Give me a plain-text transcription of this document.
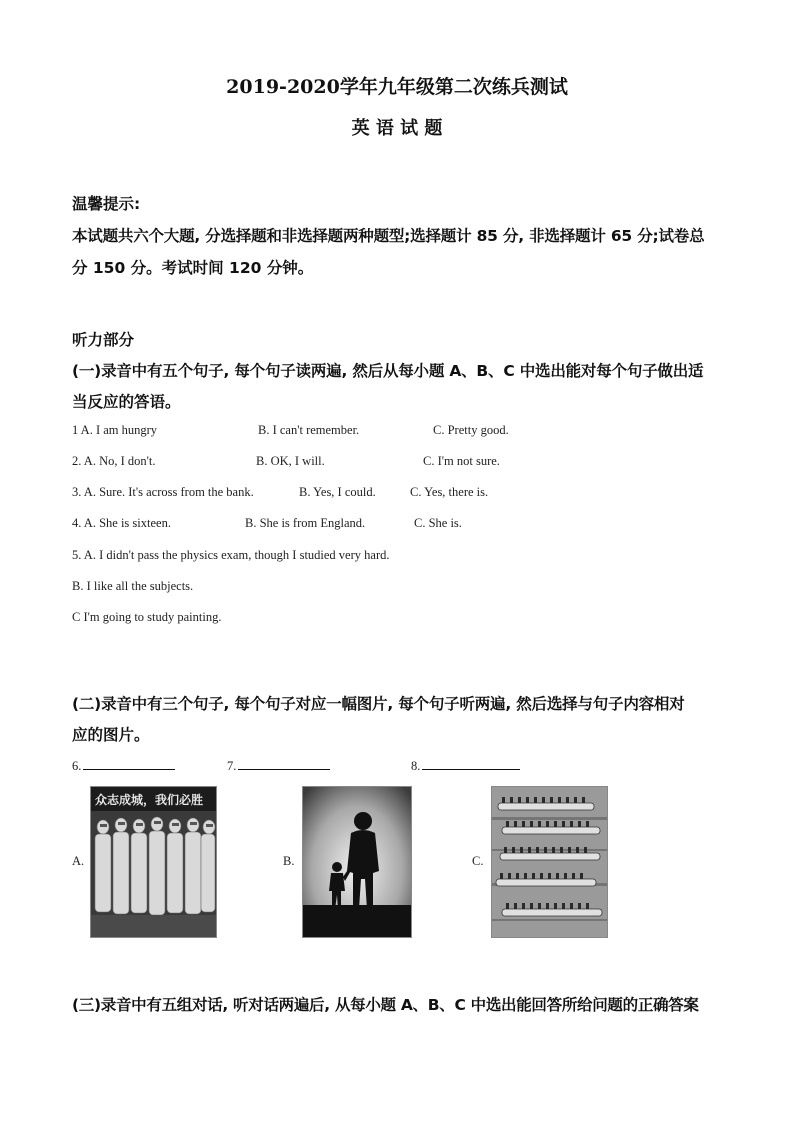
2019-2020学年九年级第二次练兵测试
英 语 试 题
温馨提示:
本试题共六个大题, 分选择题和非选择题两种题型;选择题计 85 分, 非选择题计 65 分;试卷总
分 150 分。考试时间 120 分钟。
听力部分
(一)录音中有五个句子, 每个句子读两遍, 然后从每小题 A、B、C 中选出能对每个句子做出适
当反应的答语。
1 A. I am hungry	B. I can't remember.	C. Pretty good.
2. A. No, I don't.	B. OK, I will.	C. I'm not sure.
3. A. Sure. It's across from the bank.	B. Yes, I could.	C. Yes, there is.
4. A. She is sixteen.	B. She is from England.	C. She is.
5. A. I didn't pass the physics exam, though I studied very hard.
B. I like all the subjects.
C I'm going to study painting.
(二)录音中有三个句子, 每个句子对应一幅图片, 每个句子听两遍, 然后选择与句子内容相对
应的图片。
6.	7.	8.
A.	B.	C.
众志成城，我们必胜
(三)录音中有五组对话, 听对话两遍后, 从每小题 A、B、C 中选出能回答所给问题的正确答案
